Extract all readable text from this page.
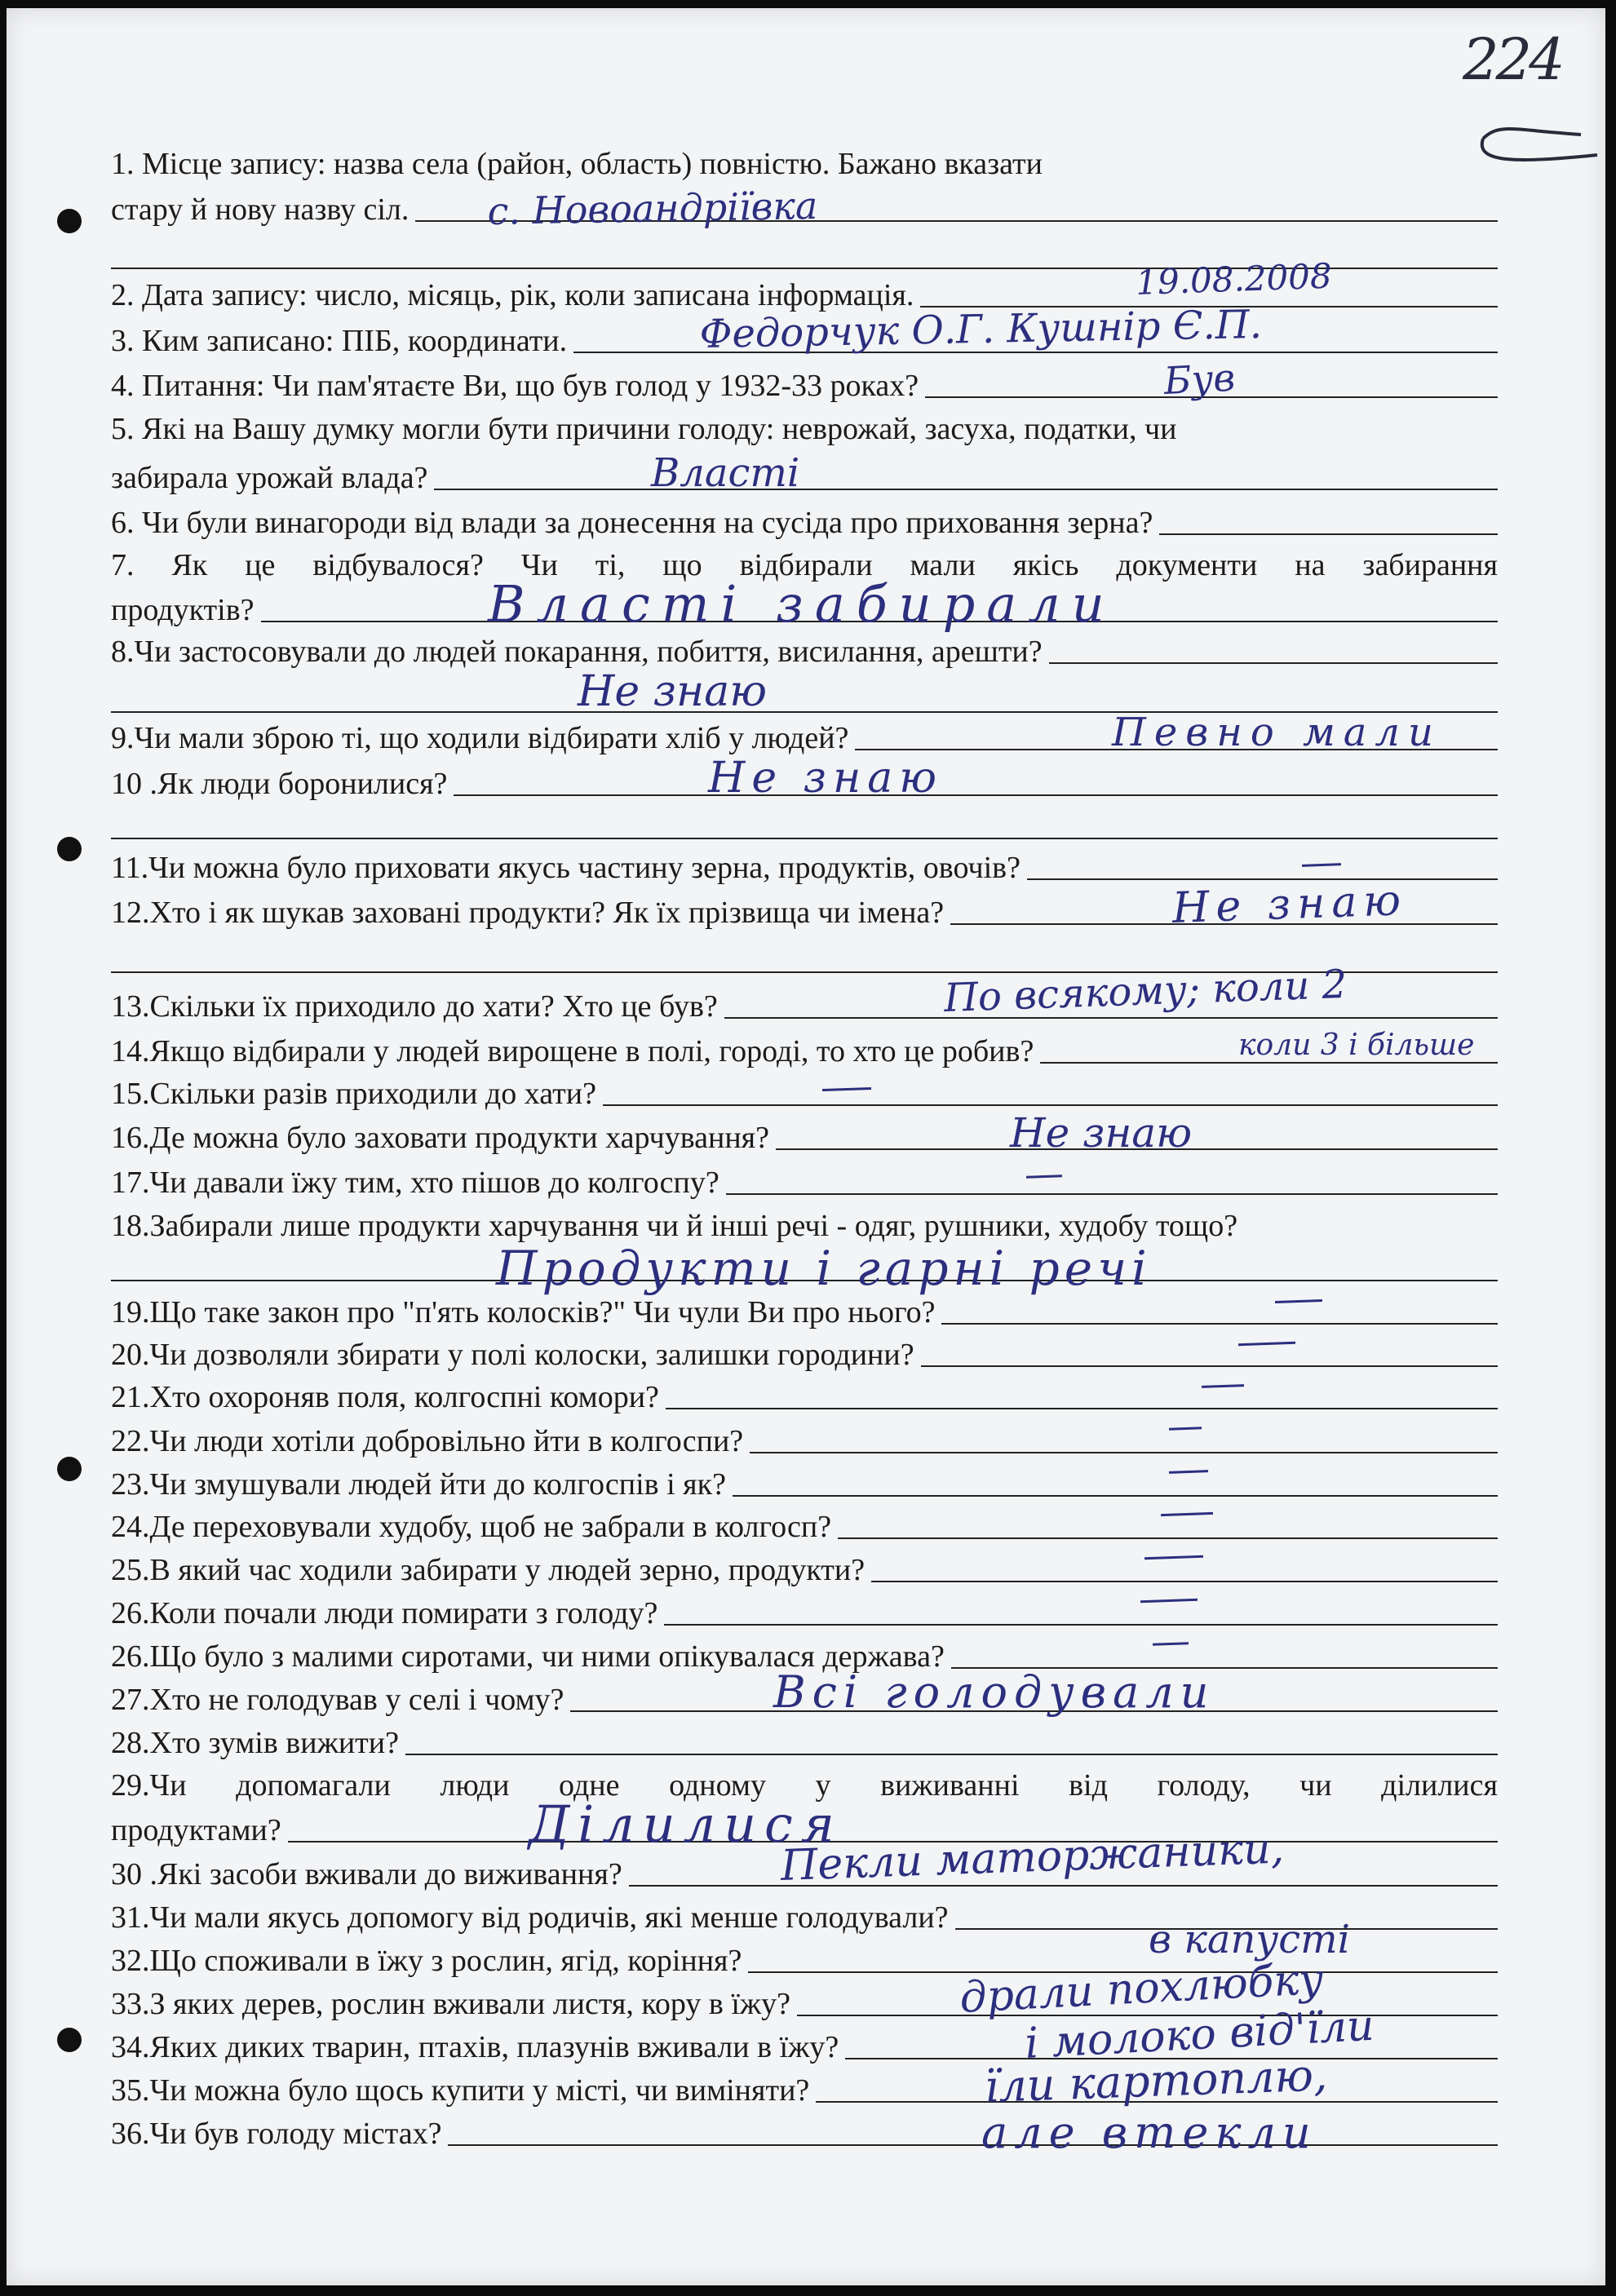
224
1. Місце запису: назва села (район, область) повністю. Бажано вказати
стару й нову назву сіл.
2. Дата запису: число, місяць, рік, коли записана інформація.
3. Ким записано: ПІБ, координати.
4. Питання: Чи пам'ятаєте Ви, що був голод у 1932-33 роках?
5. Які на Вашу думку могли бути причини голоду: неврожай, засуха, податки, чи
забирала урожай влада?
6. Чи були винагороди від влади за донесення на сусіда про приховання зерна?
7. Як це відбувалося? Чи ті, що відбирали мали якісь документи на забирання
продуктів?
8.Чи застосовували до людей покарання, побиття, висилання, арешти?
9.Чи мали зброю ті, що ходили відбирати хліб у людей?
10 .Як люди боронилися?
11.Чи можна було приховати якусь частину зерна, продуктів, овочів?
12.Хто і як шукав заховані продукти? Як їх прізвища чи імена?
13.Скільки їх приходило до хати? Хто це був?
14.Якщо відбирали у людей вирощене в полі, городі, то хто це робив?
15.Скільки разів приходили до хати?
16.Де можна було заховати продукти харчування?
17.Чи давали їжу тим, хто пішов до колгоспу?
18.Забирали лише продукти харчування чи й інші речі - одяг, рушники, худобу тощо?
19.Що таке закон про "п'ять колосків?" Чи чули Ви про нього?
20.Чи дозволяли збирати у полі колоски, залишки городини?
21.Хто охороняв поля, колгоспні комори?
22.Чи люди хотіли добровільно йти в колгоспи?
23.Чи змушували людей йти до колгоспів і як?
24.Де переховували худобу, щоб не забрали в колгосп?
25.В який час ходили забирати у людей зерно, продукти?
26.Коли почали люди помирати з голоду?
26.Що було з малими сиротами, чи ними опікувалася держава?
27.Хто не голодував у селі і чому?
28.Хто зумів вижити?
29.Чи допомагали люди одне одному у виживанні від голоду, чи ділилися
продуктами?
30 .Які засоби вживали до виживання?
31.Чи мали якусь допомогу від родичів, які менше голодували?
32.Що споживали в їжу з рослин, ягід, коріння?
33.З яких дерев, рослин вживали листя, кору в їжу?
34.Яких диких тварин, птахів, плазунів вживали в їжу?
35.Чи можна було щось купити у місті, чи виміняти?
36.Чи був голоду містах?
с. Новоандріївка
19.08.2008
Федорчук О.Г. Кушнір Є.П.
Був
Власті
Власті забирали
Не знаю
Певно мали
Не знаю
Не знаю
По всякому; коли 2
коли 3 і більше
Не знаю
Продукти і гарні речі
Всі голодували
Ділилися
Пекли маторжаники,
в капусті
драли похлюбку
і молоко від'їли
їли картоплю,
але втекли
